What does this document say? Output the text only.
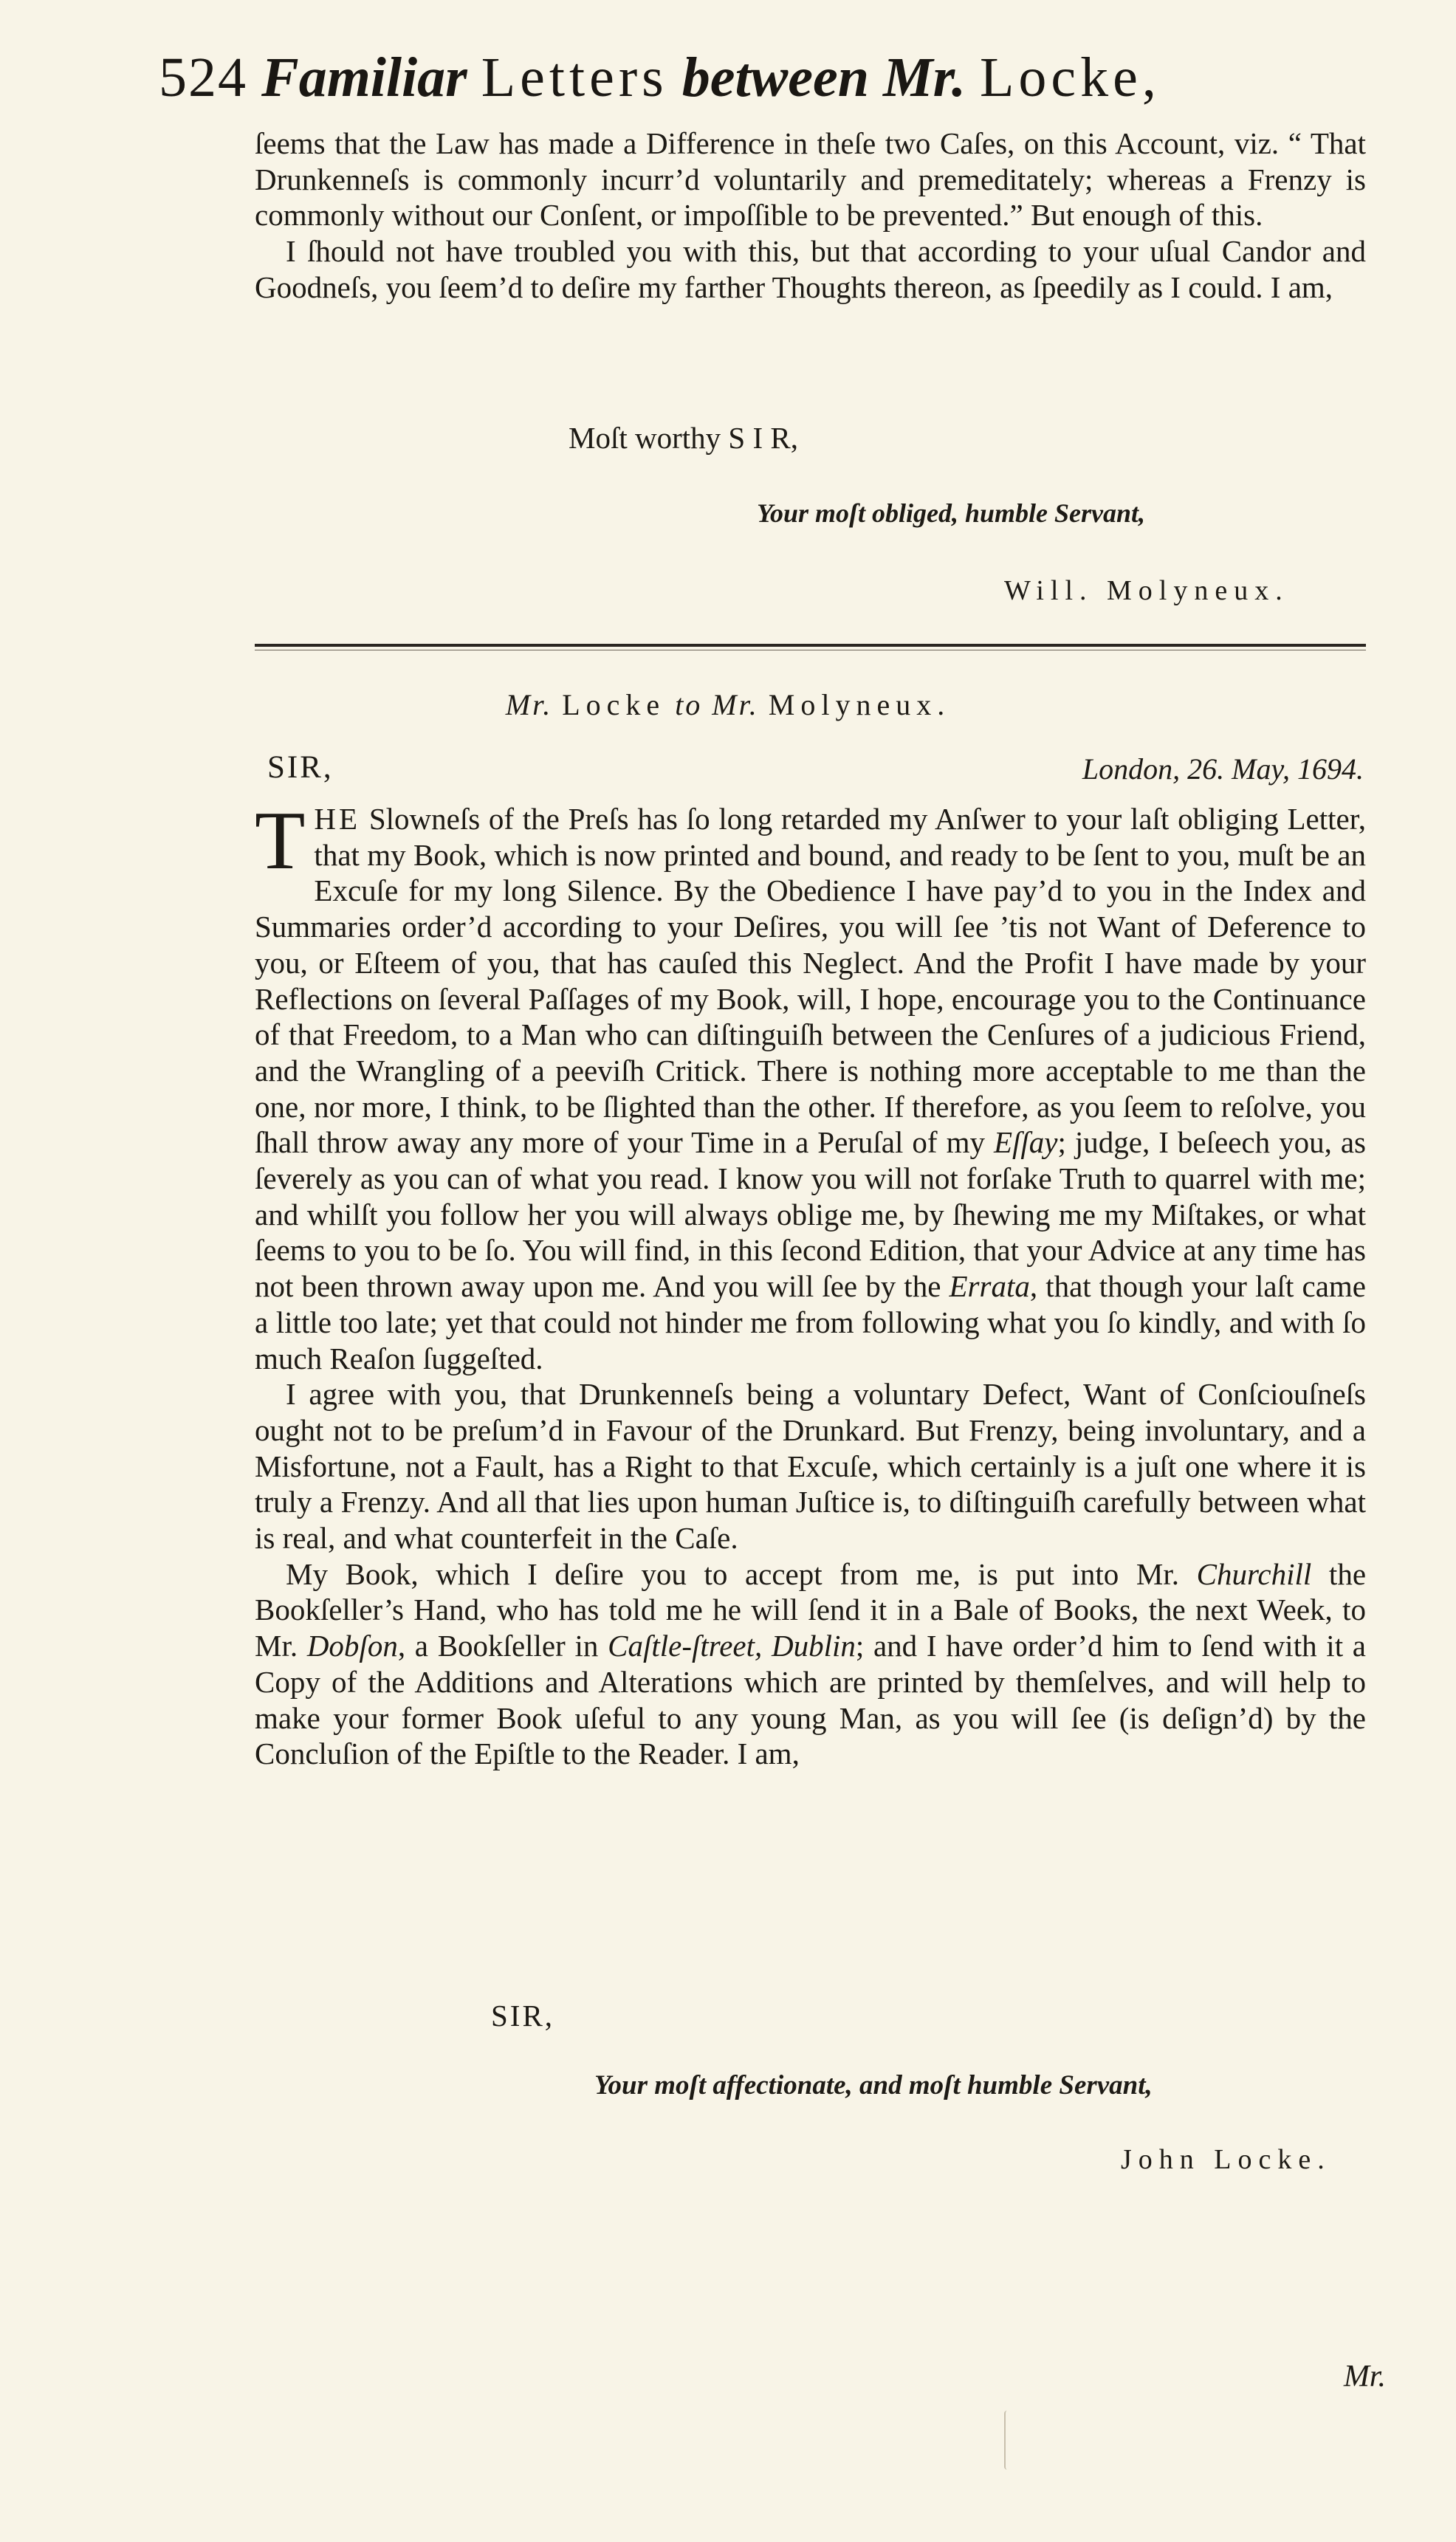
524 Familiar Letters between Mr. Locke,

ſeems that the Law has made a Difference in theſe two Caſes, on this Account, viz. “ That Drunkenneſs is commonly incurr’d voluntarily and premeditately; whereas a Frenzy is commonly without our Conſent, or impoſſible to be prevented.” But enough of this.

I ſhould not have troubled you with this, but that according to your uſual Candor and Goodneſs, you ſeem’d to deſire my farther Thoughts thereon, as ſpeedily as I could. I am,

Moſt worthy S I R,
Your moſt obliged, humble Servant,
Will. Molyneux.
Mr. Locke to Mr. Molyneux.
SIR,	London, 26. May, 1694.

THE Slowneſs of the Preſs has ſo long retarded my Anſwer to your laſt obliging Letter, that my Book, which is now printed and bound, and ready to be ſent to you, muſt be an Excuſe for my long Silence. By the Obedience I have pay’d to you in the Index and Summaries order’d according to your Deſires, you will ſee ’tis not Want of Deference to you, or Eſteem of you, that has cauſed this Neglect. And the Profit I have made by your Reflections on ſeveral Paſſages of my Book, will, I hope, encourage you to the Continuance of that Freedom, to a Man who can diſtinguiſh between the Cenſures of a judicious Friend, and the Wrangling of a peeviſh Critick. There is nothing more acceptable to me than the one, nor more, I think, to be ſlighted than the other. If therefore, as you ſeem to reſolve, you ſhall throw away any more of your Time in a Peruſal of my Eſſay; judge, I beſeech you, as ſeverely as you can of what you read. I know you will not forſake Truth to quarrel with me; and whilſt you follow her you will always oblige me, by ſhewing me my Miſtakes, or what ſeems to you to be ſo. You will find, in this ſecond Edition, that your Advice at any time has not been thrown away upon me. And you will ſee by the Errata, that though your laſt came a little too late; yet that could not hinder me from following what you ſo kindly, and with ſo much Reaſon ſuggeſted.

I agree with you, that Drunkenneſs being a voluntary Defect, Want of Conſciouſneſs ought not to be preſum’d in Favour of the Drunkard. But Frenzy, being involuntary, and a Misfortune, not a Fault, has a Right to that Excuſe, which certainly is a juſt one where it is truly a Frenzy. And all that lies upon human Juſtice is, to diſtinguiſh carefully between what is real, and what counterfeit in the Caſe.

My Book, which I deſire you to accept from me, is put into Mr. Churchill the Bookſeller’s Hand, who has told me he will ſend it in a Bale of Books, the next Week, to Mr. Dobſon, a Bookſeller in Caſtle-ſtreet, Dublin; and I have order’d him to ſend with it a Copy of the Additions and Alterations which are printed by themſelves, and will help to make your former Book uſeful to any young Man, as you will ſee (is deſign’d) by the Concluſion of the Epiſtle to the Reader. I am,

SIR,
Your moſt affectionate, and moſt humble Servant,
John Locke.
Mr.
